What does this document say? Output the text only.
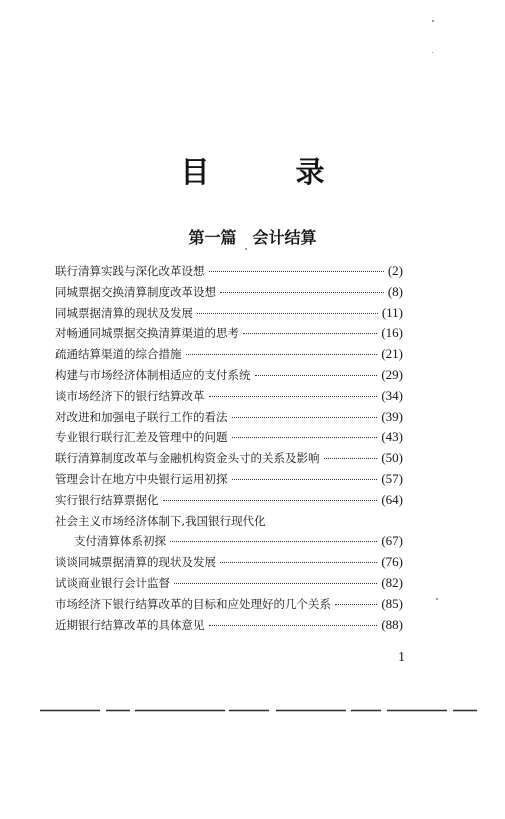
目 录
第一篇　会计结算
联行清算实践与深化改革设想	(2)
同城票据交换清算制度改革设想	(8)
同城票据清算的现状及发展	(11)
对畅通同城票据交换清算渠道的思考	(16)
疏通结算渠道的综合措施	(21)
构建与市场经济体制相适应的支付系统	(29)
谈市场经济下的银行结算改革	(34)
对改进和加强电子联行工作的看法	(39)
专业银行联行汇差及管理中的问题	(43)
联行清算制度改革与金融机构资金头寸的关系及影响	(50)
管理会计在地方中央银行运用初探	(57)
实行银行结算票据化	(64)
社会主义市场经济体制下,我国银行现代化
支付清算体系初探	(67)
谈谈同城票据清算的现状及发展	(76)
试谈商业银行会计监督	(82)
市场经济下银行结算改革的目标和应处理好的几个关系	(85)
近期银行结算改革的具体意见	(88)
1
